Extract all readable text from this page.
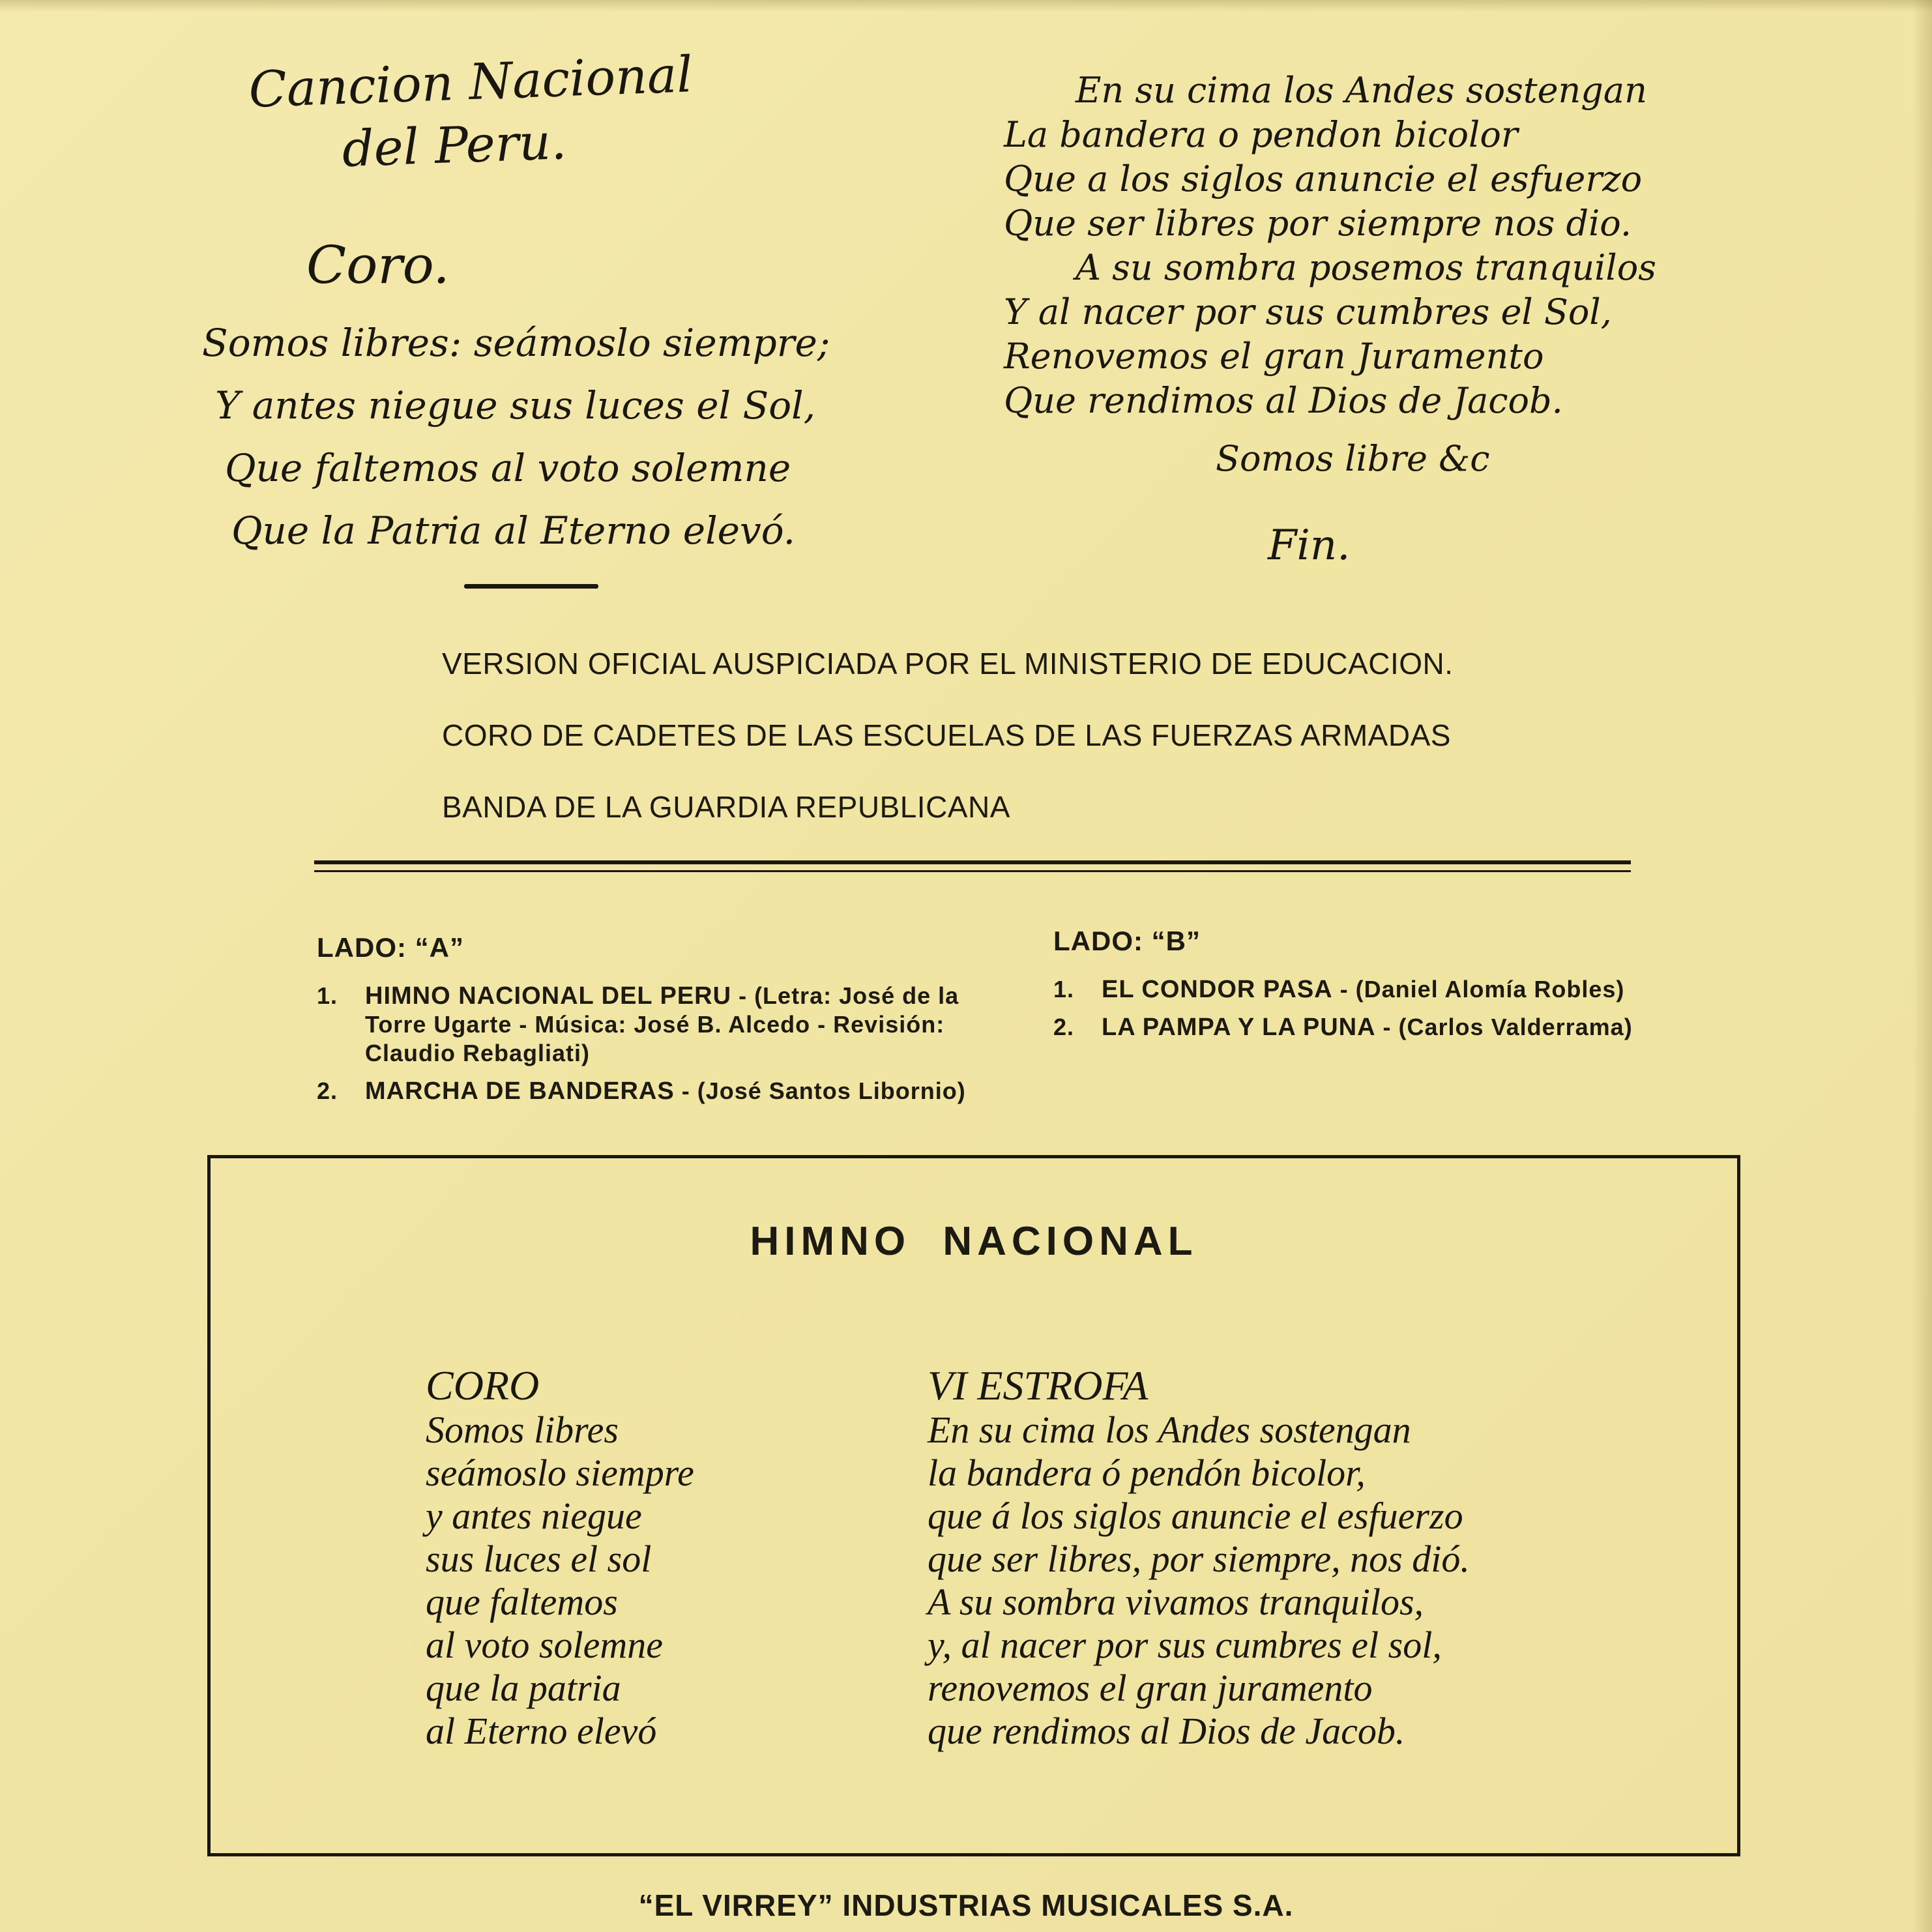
Cancion Nacional
del Peru.
Coro.
Somos libres: seámoslo siempre;
Y antes niegue sus luces el Sol,
Que faltemos al voto solemne
Que la Patria al Eterno elevó.
En su cima los Andes sostengan
La bandera o pendon bicolor
Que a los siglos anuncie el esfuerzo
Que ser libres por siempre nos dio.
A su sombra posemos tranquilos
Y al nacer por sus cumbres el Sol,
Renovemos el gran Juramento
Que rendimos al Dios de Jacob.
Somos libre &c
Fin.
VERSION OFICIAL AUSPICIADA POR EL MINISTERIO DE EDUCACION.
CORO DE CADETES DE LAS ESCUELAS DE LAS FUERZAS ARMADAS
BANDA DE LA GUARDIA REPUBLICANA
LADO: “A”
1.	HIMNO NACIONAL DEL PERU - (Letra: José de la Torre Ugarte - Música: José B. Alcedo - Revisión: Claudio Rebagliati)
2.	MARCHA DE BANDERAS - (José Santos Libornio)
LADO: “B”
1.	EL CONDOR PASA - (Daniel Alomía Robles)
2.	LA PAMPA Y LA PUNA - (Carlos Valderrama)
HIMNO NACIONAL
CORO
Somos libres
seámoslo siempre
y antes niegue
sus luces el sol
que faltemos
al voto solemne
que la patria
al Eterno elevó
VI ESTROFA
En su cima los Andes sostengan
la bandera ó pendón bicolor,
que á los siglos anuncie el esfuerzo
que ser libres, por siempre, nos dió.
A su sombra vivamos tranquilos,
y, al nacer por sus cumbres el sol,
renovemos el gran juramento
que rendimos al Dios de Jacob.
“EL VIRREY” INDUSTRIAS MUSICALES S.A.
